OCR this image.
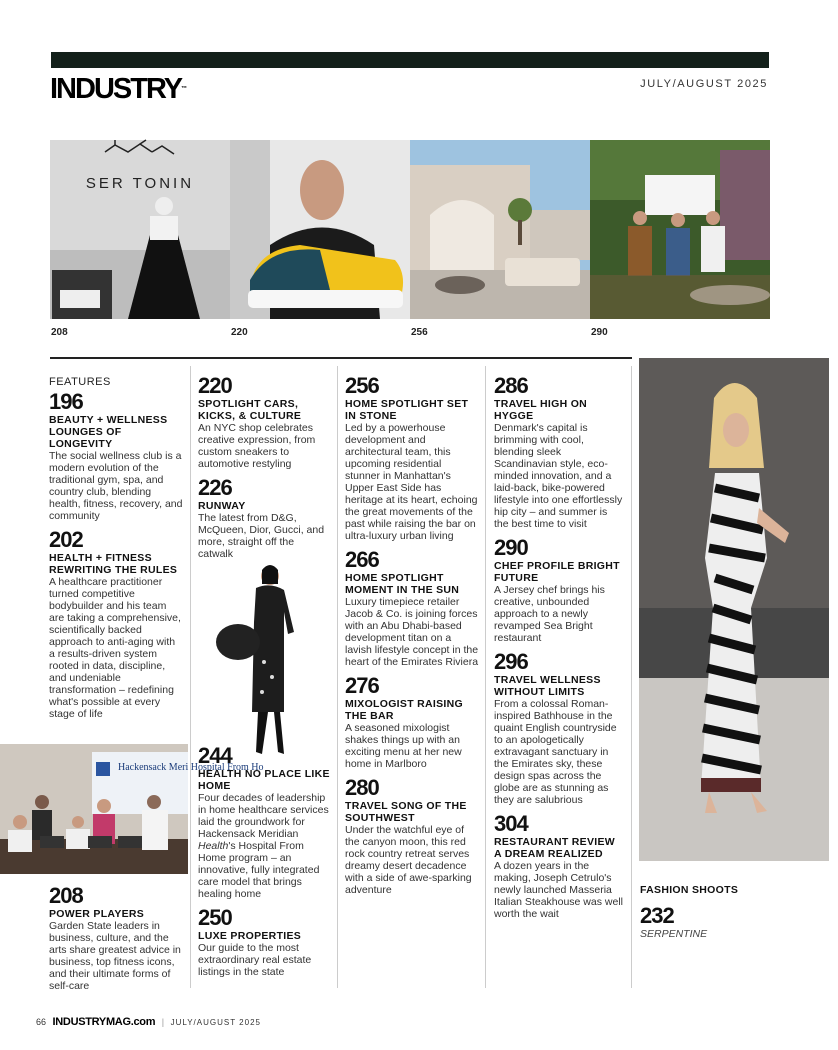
INDUSTRY™	JULY/AUGUST 2025
SER TONIN
208	220	256	290
FEATURES
196
BEAUTY + WELLNESS LOUNGES OF LONGEVITY
The social wellness club is a modern evolution of the traditional gym, spa, and country club, blending health, fitness, recovery, and community
202
HEALTH + FITNESS REWRITING THE RULES
A healthcare practitioner turned competitive bodybuilder and his team are taking a comprehensive, scientifically backed approach to anti-aging with a results-driven system rooted in data, discipline, and undeniable transformation – redefining what's possible at every stage of life
Hackensack Meri Hospital From Ho
208
POWER PLAYERS
Garden State leaders in business, culture, and the arts share greatest advice in business, top fitness icons, and their ultimate forms of self-care
220
SPOTLIGHT CARS, KICKS, & CULTURE
An NYC shop celebrates creative expression, from custom sneakers to automotive restyling
226
RUNWAY
The latest from D&G, McQueen, Dior, Gucci, and more, straight off the catwalk
244
HEALTH NO PLACE LIKE HOME
Four decades of leadership in home healthcare services laid the groundwork for Hackensack Meridian Health's Hospital From Home program – an innovative, fully integrated care model that brings healing home
250
LUXE PROPERTIES
Our guide to the most extraordinary real estate listings in the state
256
HOME SPOTLIGHT SET IN STONE
Led by a powerhouse development and architectural team, this upcoming residential stunner in Manhattan's Upper East Side has heritage at its heart, echoing the great movements of the past while raising the bar on ultra-luxury urban living
266
HOME SPOTLIGHT MOMENT IN THE SUN
Luxury timepiece retailer Jacob & Co. is joining forces with an Abu Dhabi-based development titan on a lavish lifestyle concept in the heart of the Emirates Riviera
276
MIXOLOGIST RAISING THE BAR
A seasoned mixologist shakes things up with an exciting menu at her new home in Marlboro
280
TRAVEL SONG OF THE SOUTHWEST
Under the watchful eye of the canyon moon, this red rock country retreat serves dreamy desert decadence with a side of awe-sparking adventure
286
TRAVEL HIGH ON HYGGE
Denmark's capital is brimming with cool, blending sleek Scandinavian style, eco-minded innovation, and a laid-back, bike-powered lifestyle into one effortlessly hip city – and summer is the best time to visit
290
CHEF PROFILE BRIGHT FUTURE
A Jersey chef brings his creative, unbounded approach to a newly revamped Sea Bright restaurant
296
TRAVEL WELLNESS WITHOUT LIMITS
From a colossal Roman-inspired Bathhouse in the quaint English countryside to an apologetically extravagant sanctuary in the Emirates sky, these design spas across the globe are as stunning as they are salubrious
304
RESTAURANT REVIEW A DREAM REALIZED
A dozen years in the making, Joseph Cetrulo's newly launched Masseria Italian Steakhouse was well worth the wait
FASHION SHOOTS
232
SERPENTINE
66 INDUSTRYMAG.com | JULY/AUGUST 2025
